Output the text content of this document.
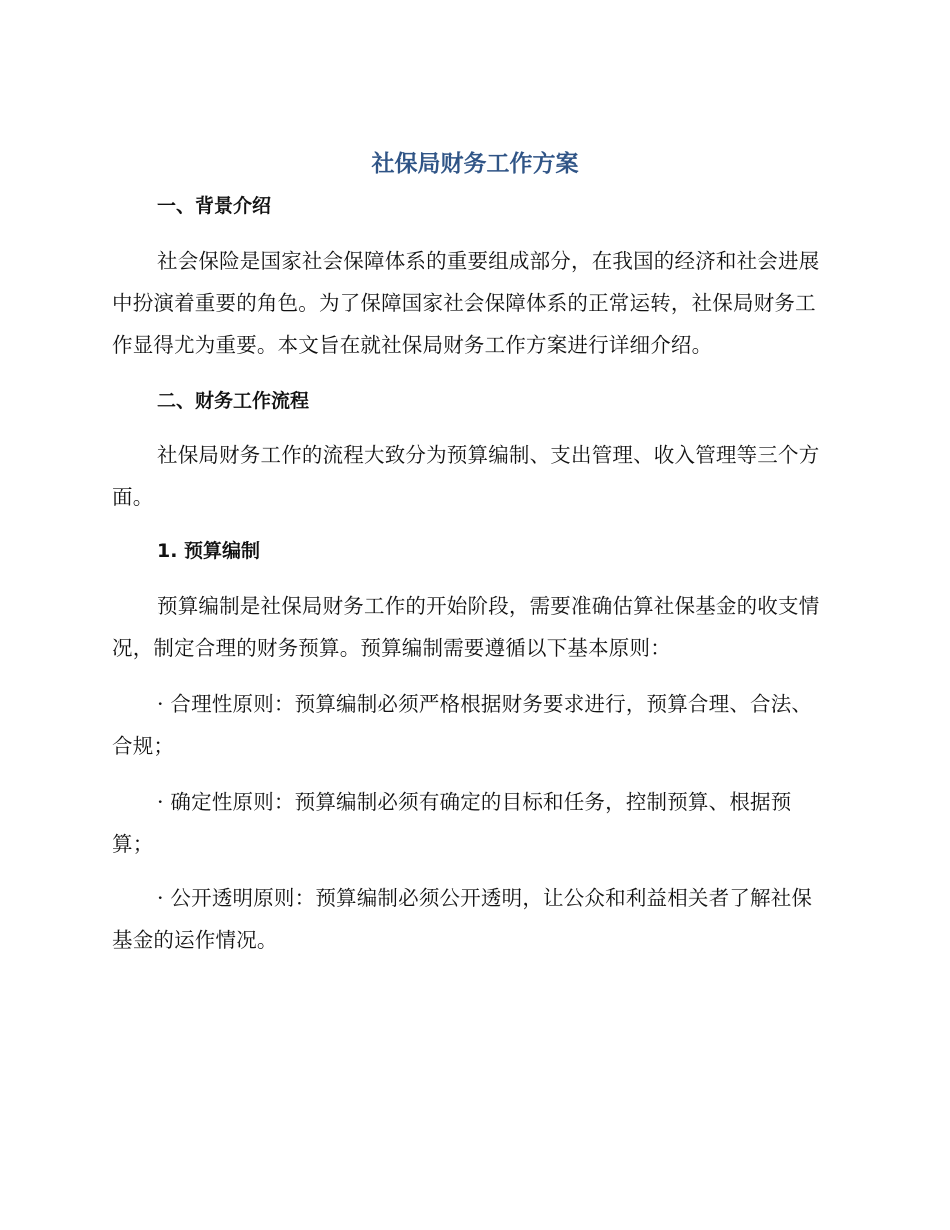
社保局财务工作方案
一、背景介绍

社会保险是国家社会保障体系的重要组成部分，在我国的经济和社会进展中扮演着重要的角色。为了保障国家社会保障体系的正常运转，社保局财务工作显得尤为重要。本文旨在就社保局财务工作方案进行详细介绍。

二、财务工作流程

社保局财务工作的流程大致分为预算编制、支出管理、收入管理等三个方面。

1. 预算编制

预算编制是社保局财务工作的开始阶段，需要准确估算社保基金的收支情况，制定合理的财务预算。预算编制需要遵循以下基本原则：

· 合理性原则：预算编制必须严格根据财务要求进行，预算合理、合法、合规；

· 确定性原则：预算编制必须有确定的目标和任务，控制预算、根据预算；

· 公开透明原则：预算编制必须公开透明，让公众和利益相关者了解社保基金的运作情况。
